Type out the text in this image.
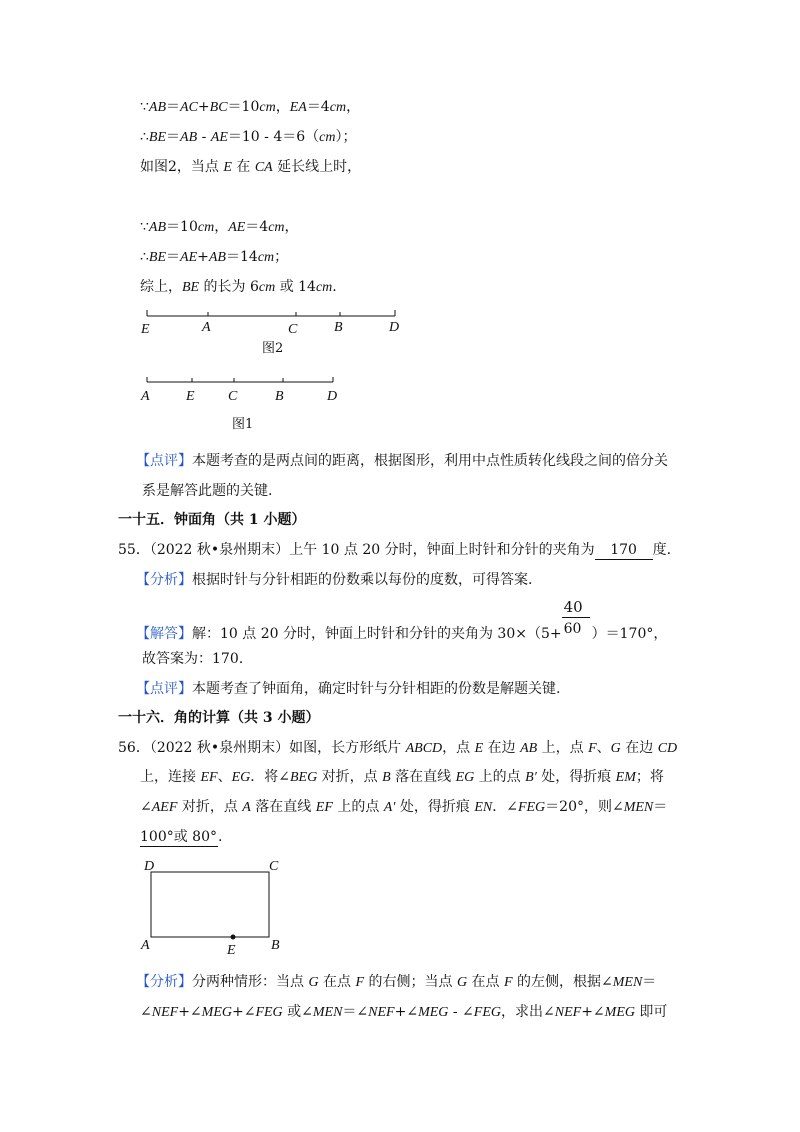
∵AB＝AC+BC＝10cm，EA＝4cm，
∴BE＝AB - AE＝10 - 4＝6（cm）；
如图2，当点 E 在 CA 延长线上时，
∵AB＝10cm，AE＝4cm，
∴BE＝AE+AB＝14cm；
综上，BE 的长为 6cm 或 14cm.
E	A	C	B	D
图2
A	E C	B	D
图1
【点评】本题考查的是两点间的距离，根据图形，利用中点性质转化线段之间的倍分关
系是解答此题的关键.
一十五．钟面角（共 1 小题）
55．（2022 秋•泉州期末）上午 10 点 20 分时，钟面上时针和分针的夹角为 170 度.
【分析】根据时针与分针相距的份数乘以每份的度数，可得答案.
【解答】解：10 点 20 分时，钟面上时针和分针的夹角为 $30\times(5+ \frac{40}{60} )=170^\circ$，
故答案为：170.
【点评】本题考查了钟面角，确定时针与分针相距的份数是解题关键.
一十六．角的计算（共 3 小题）
56．（2022 秋•泉州期末）如图，长方形纸片 ABCD，点 E 在边 AB 上，点 F、G 在边 CD
上，连接 EF、EG．将∠BEG 对折，点 B 落在直线 EG 上的点 B′ 处，得折痕 EM；将
∠AEF 对折，点 A 落在直线 EF 上的点 A′ 处，得折痕 EN．∠FEG＝20°，则∠MEN＝
100°或 80°.
D	C
A	E	B
【分析】分两种情形：当点 G 在点 F 的右侧；当点 G 在点 F 的左侧，根据∠MEN＝
∠NEF+∠MEG+∠FEG 或∠MEN＝∠NEF+∠MEG - ∠FEG，求出∠NEF+∠MEG 即可
